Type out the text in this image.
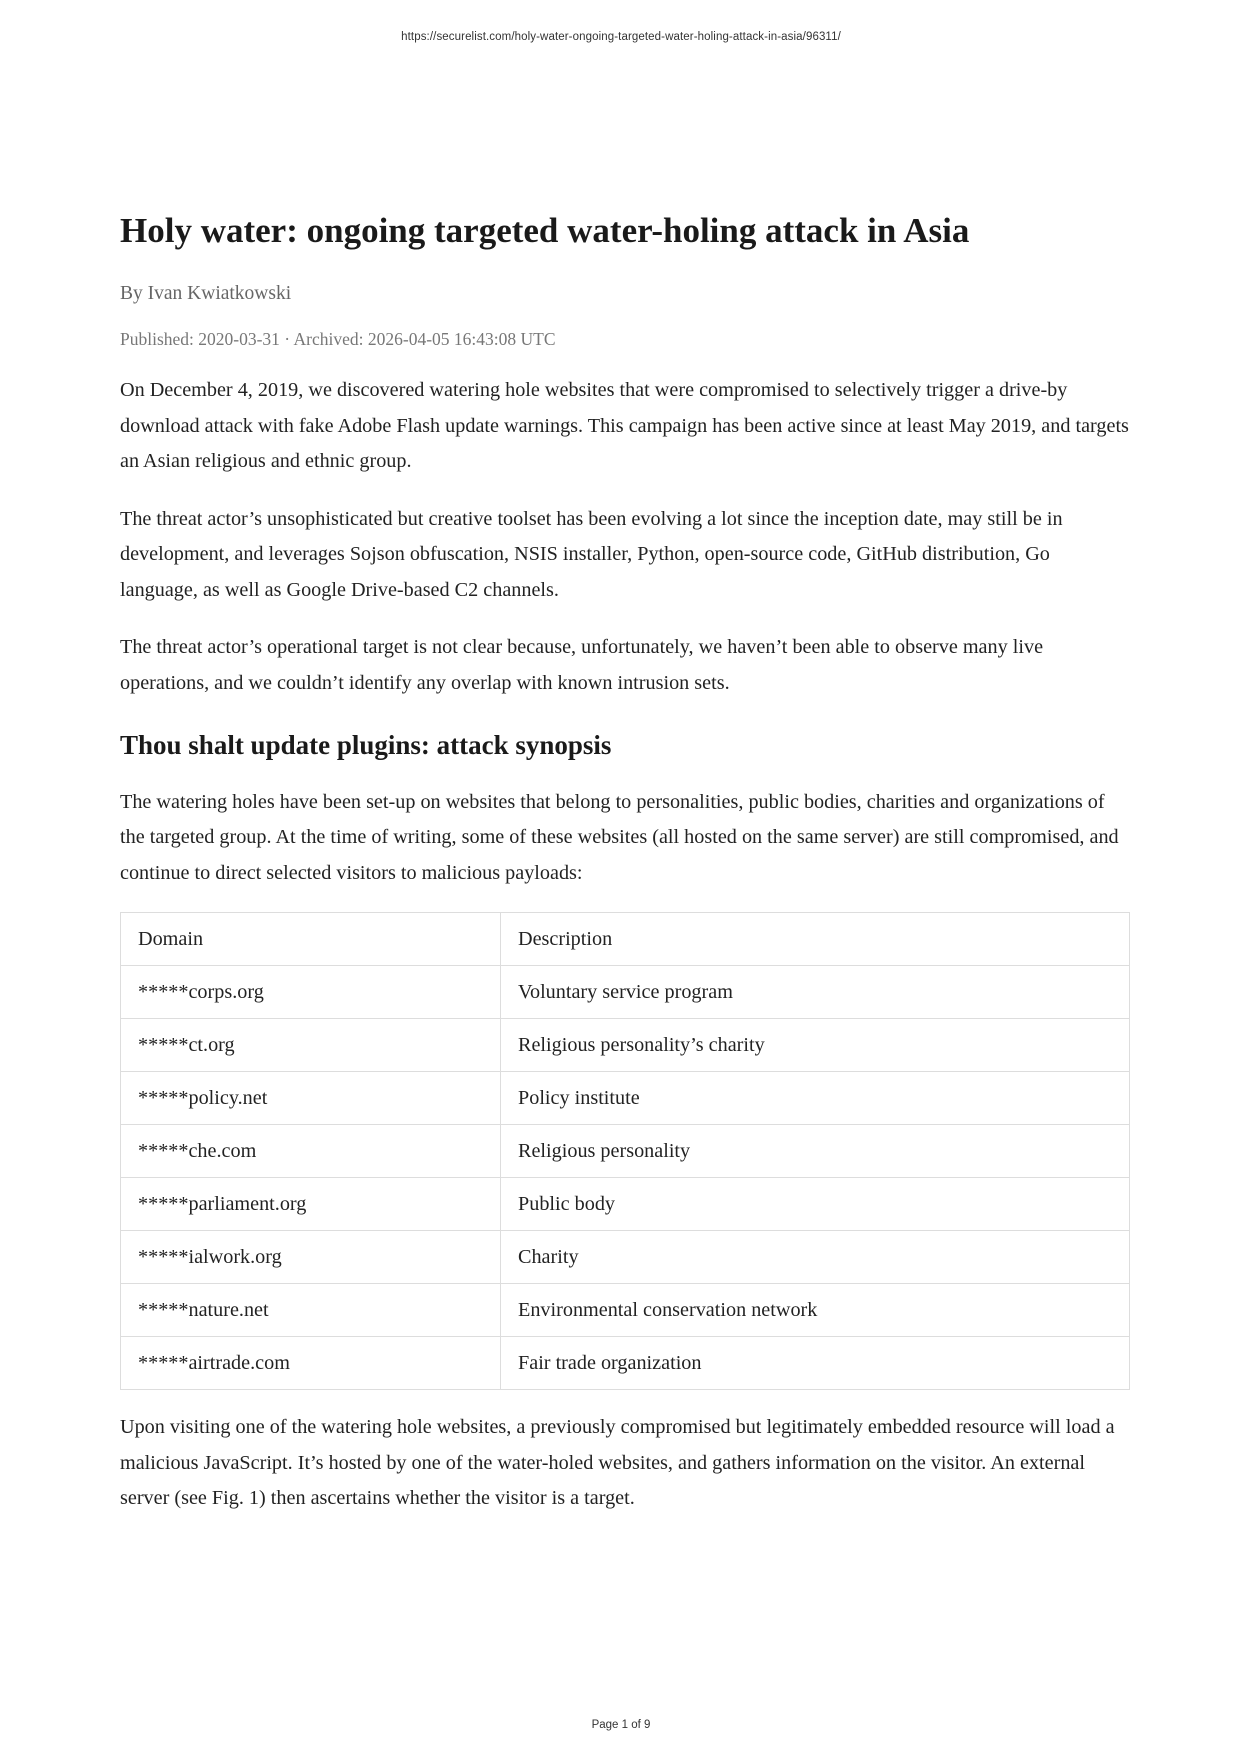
https://securelist.com/holy-water-ongoing-targeted-water-holing-attack-in-asia/96311/
Holy water: ongoing targeted water-holing attack in Asia
By Ivan Kwiatkowski
Published: 2020-03-31 · Archived: 2026-04-05 16:43:08 UTC

On December 4, 2019, we discovered watering hole websites that were compromised to selectively trigger a drive-by download attack with fake Adobe Flash update warnings. This campaign has been active since at least May 2019, and targets an Asian religious and ethnic group.

The threat actor’s unsophisticated but creative toolset has been evolving a lot since the inception date, may still be in development, and leverages Sojson obfuscation, NSIS installer, Python, open-source code, GitHub distribution, Go language, as well as Google Drive-based C2 channels.

The threat actor’s operational target is not clear because, unfortunately, we haven’t been able to observe many live operations, and we couldn’t identify any overlap with known intrusion sets.

Thou shalt update plugins: attack synopsis

The watering holes have been set-up on websites that belong to personalities, public bodies, charities and organizations of the targeted group. At the time of writing, some of these websites (all hosted on the same server) are still compromised, and continue to direct selected visitors to malicious payloads:

Domain	Description
*****corps.org	Voluntary service program
*****ct.org	Religious personality’s charity
*****policy.net	Policy institute
*****che.com	Religious personality
*****parliament.org	Public body
*****ialwork.org	Charity
*****nature.net	Environmental conservation network
*****airtrade.com	Fair trade organization

Upon visiting one of the watering hole websites, a previously compromised but legitimately embedded resource will load a malicious JavaScript. It’s hosted by one of the water-holed websites, and gathers information on the visitor. An external server (see Fig. 1) then ascertains whether the visitor is a target.

Page 1 of 9
